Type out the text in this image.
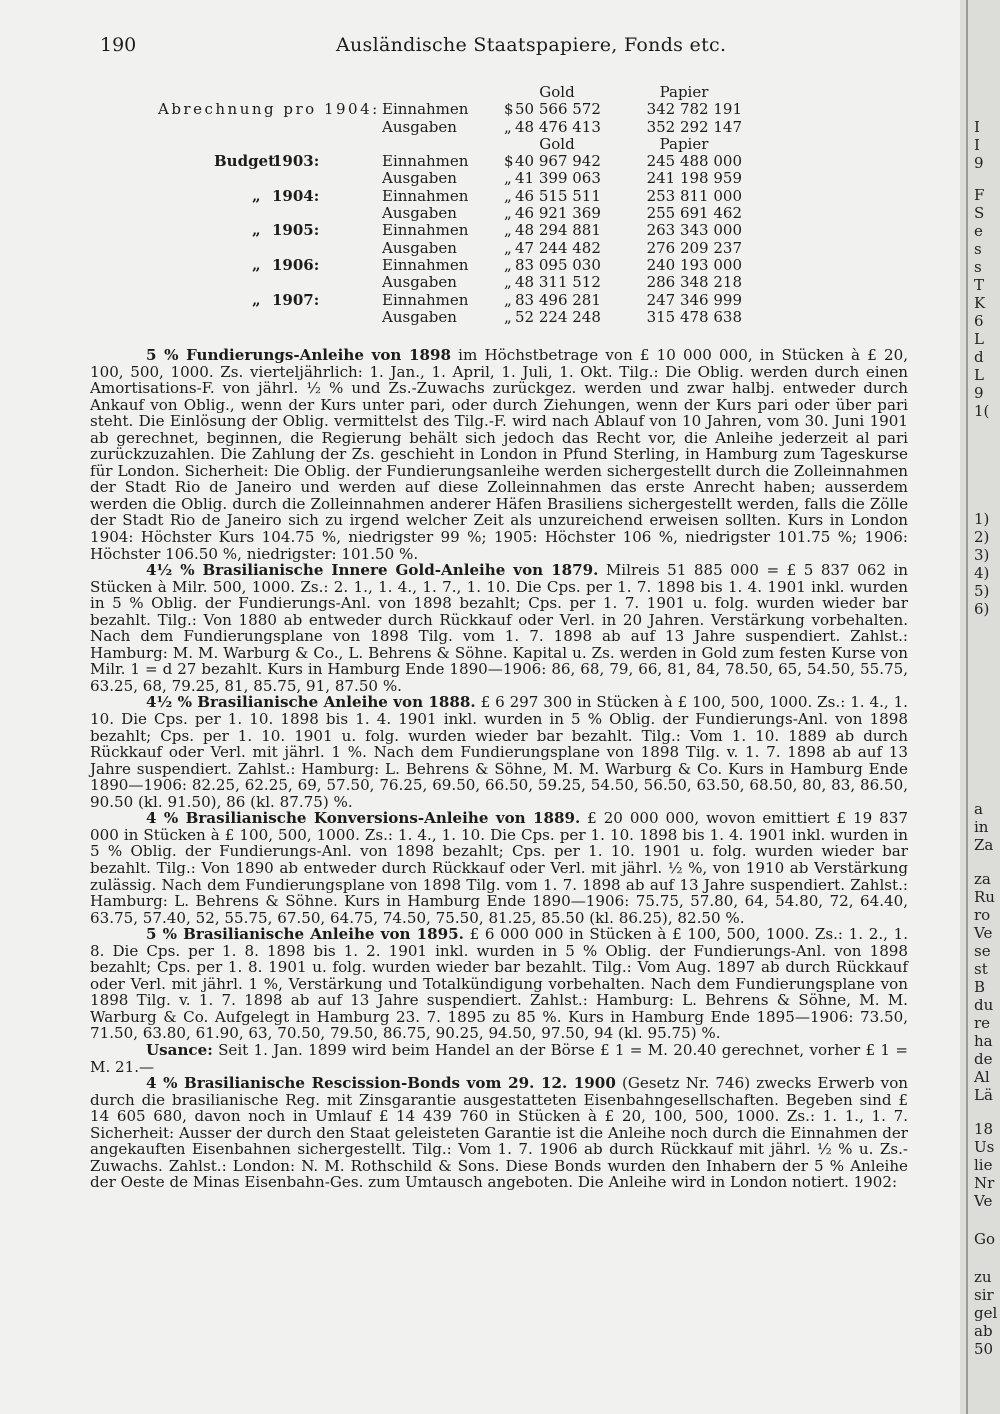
190	Ausländische Staatspapiere, Fonds etc.
Gold	Papier
Abrechnung pro 1904: Einnahmen $ 50 566 572	342 782 191
Ausgaben	„ 48 476 413	352 292 147
Gold	Papier
Budget
1903:	Einnahmen $ 40 967 942	245 488 000
Ausgaben	„ 41 399 063	241 198 959
„ 1904:	Einnahmen „ 46 515 511	253 811 000
Ausgaben	„ 46 921 369	255 691 462
„ 1905:	Einnahmen „ 48 294 881	263 343 000
Ausgaben	„ 47 244 482	276 209 237
„ 1906:	Einnahmen „ 83 095 030	240 193 000
Ausgaben	„ 48 311 512	286 348 218
„ 1907:	Einnahmen „ 83 496 281	247 346 999
Ausgaben	„ 52 224 248	315 478 638

5 % Fundierungs-Anleihe von 1898 im Höchstbetrage von £ 10 000 000, in Stücken à £ 20, 100, 500, 1000. Zs. vierteljährlich: 1. Jan., 1. April, 1. Juli, 1. Okt. Tilg.: Die Oblig. werden durch einen Amortisations-F. von jährl. ½ % und Zs.-Zuwachs zurückgez. werden und zwar halbj. entweder durch Ankauf von Oblig., wenn der Kurs unter pari, oder durch Ziehungen, wenn der Kurs pari oder über pari steht. Die Einlösung der Oblig. vermittelst des Tilg.-F. wird nach Ablauf von 10 Jahren, vom 30. Juni 1901 ab gerechnet, beginnen, die Regierung behält sich jedoch das Recht vor, die Anleihe jederzeit al pari zurückzuzahlen. Die Zahlung der Zs. geschieht in London in Pfund Sterling, in Hamburg zum Tageskurse für London. Sicherheit: Die Oblig. der Fundierungsanleihe werden sichergestellt durch die Zolleinnahmen der Stadt Rio de Janeiro und werden auf diese Zolleinnahmen das erste Anrecht haben; ausserdem werden die Oblig. durch die Zolleinnahmen anderer Häfen Brasiliens sichergestellt werden, falls die Zölle der Stadt Rio de Janeiro sich zu irgend welcher Zeit als unzureichend erweisen sollten. Kurs in London 1904: Höchster Kurs 104.75 %, niedrigster 99 %; 1905: Höchster 106 %, niedrigster 101.75 %; 1906: Höchster 106.50 %, niedrigster: 101.50 %.

4½ % Brasilianische Innere Gold-Anleihe von 1879. Milreis 51 885 000 = £ 5 837 062 in Stücken à Milr. 500, 1000. Zs.: 2. 1., 1. 4., 1. 7., 1. 10. Die Cps. per 1. 7. 1898 bis 1. 4. 1901 inkl. wurden in 5 % Oblig. der Fundierungs-Anl. von 1898 bezahlt; Cps. per 1. 7. 1901 u. folg. wurden wieder bar bezahlt. Tilg.: Von 1880 ab entweder durch Rückkauf oder Verl. in 20 Jahren. Verstärkung vorbehalten. Nach dem Fundierungsplane von 1898 Tilg. vom 1. 7. 1898 ab auf 13 Jahre suspendiert. Zahlst.: Hamburg: M. M. Warburg & Co., L. Behrens & Söhne. Kapital u. Zs. werden in Gold zum festen Kurse von Milr. 1 = d 27 bezahlt. Kurs in Hamburg Ende 1890—1906: 86, 68, 79, 66, 81, 84, 78.50, 65, 54.50, 55.75, 63.25, 68, 79.25, 81, 85.75, 91, 87.50 %.

4½ % Brasilianische Anleihe von 1888. £ 6 297 300 in Stücken à £ 100, 500, 1000. Zs.: 1. 4., 1. 10. Die Cps. per 1. 10. 1898 bis 1. 4. 1901 inkl. wurden in 5 % Oblig. der Fundierungs-Anl. von 1898 bezahlt; Cps. per 1. 10. 1901 u. folg. wurden wieder bar bezahlt. Tilg.: Vom 1. 10. 1889 ab durch Rückkauf oder Verl. mit jährl. 1 %. Nach dem Fundierungsplane von 1898 Tilg. v. 1. 7. 1898 ab auf 13 Jahre suspendiert. Zahlst.: Hamburg: L. Behrens & Söhne, M. M. Warburg & Co. Kurs in Hamburg Ende 1890—1906: 82.25, 62.25, 69, 57.50, 76.25, 69.50, 66.50, 59.25, 54.50, 56.50, 63.50, 68.50, 80, 83, 86.50, 90.50 (kl. 91.50), 86 (kl. 87.75) %.

4 % Brasilianische Konversions-Anleihe von 1889. £ 20 000 000, wovon emittiert £ 19 837 000 in Stücken à £ 100, 500, 1000. Zs.: 1. 4., 1. 10. Die Cps. per 1. 10. 1898 bis 1. 4. 1901 inkl. wurden in 5 % Oblig. der Fundierungs-Anl. von 1898 bezahlt; Cps. per 1. 10. 1901 u. folg. wurden wieder bar bezahlt. Tilg.: Von 1890 ab entweder durch Rückkauf oder Verl. mit jährl. ½ %, von 1910 ab Verstärkung zulässig. Nach dem Fundierungsplane von 1898 Tilg. vom 1. 7. 1898 ab auf 13 Jahre suspendiert. Zahlst.: Hamburg: L. Behrens & Söhne. Kurs in Hamburg Ende 1890—1906: 75.75, 57.80, 64, 54.80, 72, 64.40, 63.75, 57.40, 52, 55.75, 67.50, 64.75, 74.50, 75.50, 81.25, 85.50 (kl. 86.25), 82.50 %.

5 % Brasilianische Anleihe von 1895. £ 6 000 000 in Stücken à £ 100, 500, 1000. Zs.: 1. 2., 1. 8. Die Cps. per 1. 8. 1898 bis 1. 2. 1901 inkl. wurden in 5 % Oblig. der Fundierungs-Anl. von 1898 bezahlt; Cps. per 1. 8. 1901 u. folg. wurden wieder bar bezahlt. Tilg.: Vom Aug. 1897 ab durch Rückkauf oder Verl. mit jährl. 1 %, Verstärkung und Totalkündigung vorbehalten. Nach dem Fundierungsplane von 1898 Tilg. v. 1. 7. 1898 ab auf 13 Jahre suspendiert. Zahlst.: Hamburg: L. Behrens & Söhne, M. M. Warburg & Co. Aufgelegt in Hamburg 23. 7. 1895 zu 85 %. Kurs in Hamburg Ende 1895—1906: 73.50, 71.50, 63.80, 61.90, 63, 70.50, 79.50, 86.75, 90.25, 94.50, 97.50, 94 (kl. 95.75) %.

Usance: Seit 1. Jan. 1899 wird beim Handel an der Börse £ 1 = M. 20.40 gerechnet, vorher £ 1 = M. 21.—

4 % Brasilianische Rescission-Bonds vom 29. 12. 1900 (Gesetz Nr. 746) zwecks Erwerb von durch die brasilianische Reg. mit Zinsgarantie ausgestatteten Eisenbahngesellschaften. Begeben sind £ 14 605 680, davon noch in Umlauf £ 14 439 760 in Stücken à £ 20, 100, 500, 1000. Zs.: 1. 1., 1. 7. Sicherheit: Ausser der durch den Staat geleisteten Garantie ist die Anleihe noch durch die Einnahmen der angekauften Eisenbahnen sichergestellt. Tilg.: Vom 1. 7. 1906 ab durch Rückkauf mit jährl. ½ % u. Zs.-Zuwachs. Zahlst.: London: N. M. Rothschild & Sons. Diese Bonds wurden den Inhabern der 5 % Anleihe der Oeste de Minas Eisenbahn-Ges. zum Umtausch angeboten. Die Anleihe wird in London notiert. 1902:

I
I
9
F
S
e
s
s
T
K
6
L
d
L
9
1(
1)
2)
3)
4)
5)
6)
a
in
Za
za
Ru
ro
Ve
se
st
B
du
re
ha
de
Al
Lä
18
Us
lie
Nr
Ve
Go
zu
sir
gel
ab
50
